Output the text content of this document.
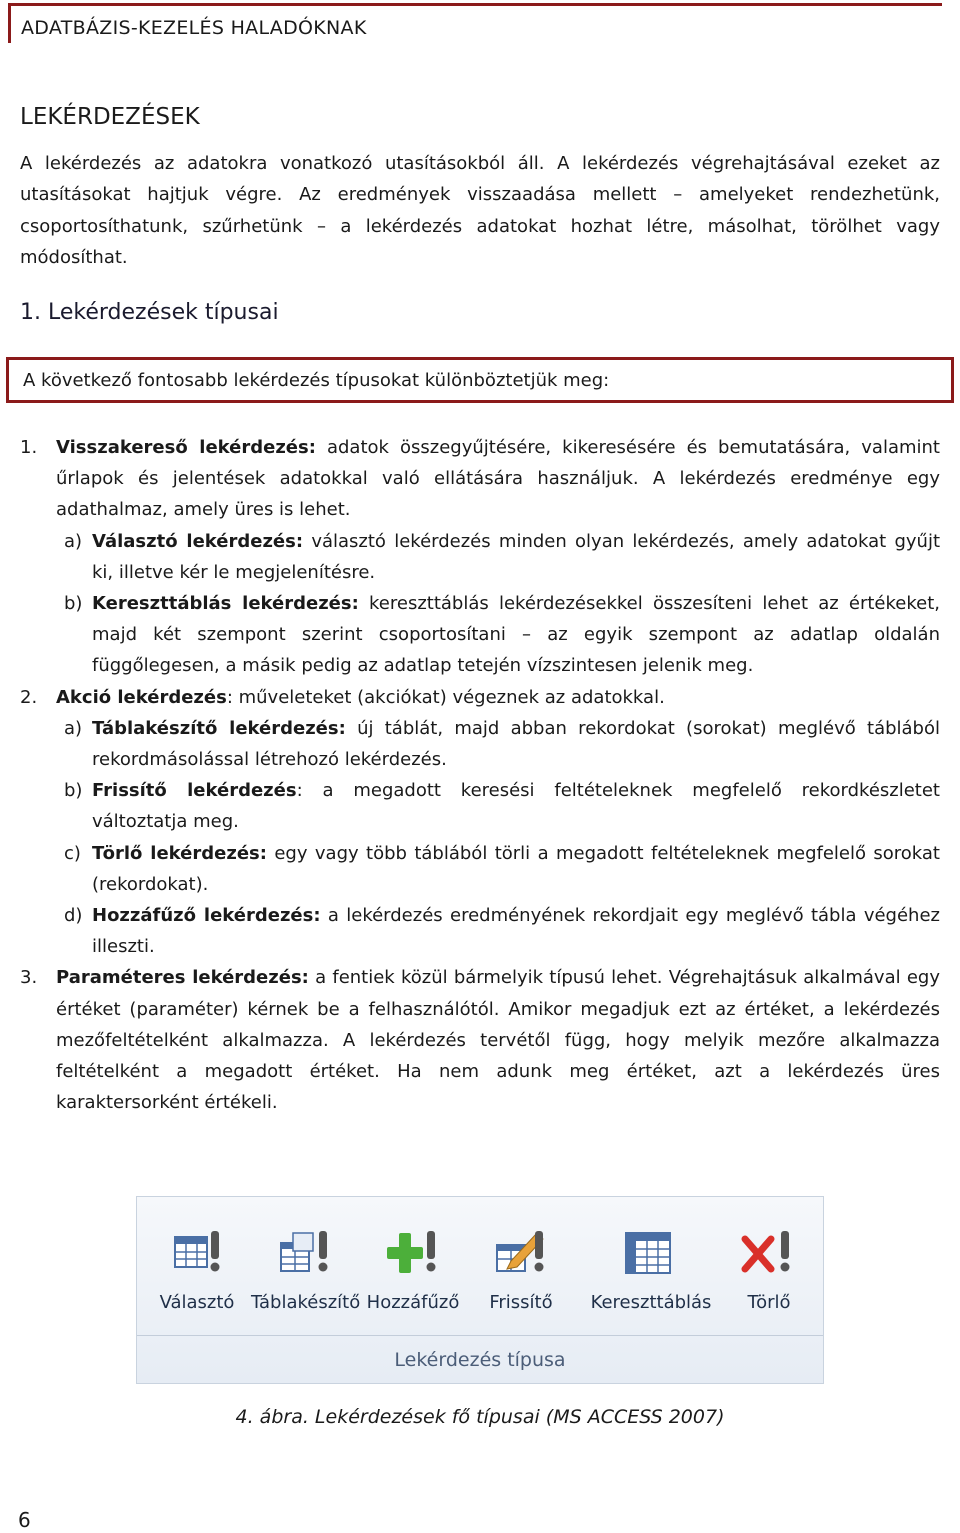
ADATBÁZIS-KEZELÉS HALADÓKNAK
LEKÉRDEZÉSEK

A lekérdezés az adatokra vonatkozó utasításokból áll. A lekérdezés végrehajtásával ezeket az utasításokat hajtjuk végre. Az eredmények visszaadása mellett – amelyeket rendezhetünk, csoportosíthatunk, szűrhetünk – a lekérdezés adatokat hozhat létre, másolhat, törölhet vagy módosíthat.

1. Lekérdezések típusai
A következő fontosabb lekérdezés típusokat különböztetjük meg:
1. Visszakereső lekérdezés: adatok összegyűjtésére, kikeresésére és bemutatására, valamint űrlapok és jelentések adatokkal való ellátására használjuk. A lekérdezés eredménye egy adathalmaz, amely üres is lehet.
a) Választó lekérdezés: választó lekérdezés minden olyan lekérdezés, amely adatokat gyűjt ki, illetve kér le megjelenítésre.
b) Kereszttáblás lekérdezés: kereszttáblás lekérdezésekkel összesíteni lehet az értékeket, majd két szempont szerint csoportosítani – az egyik szempont az adatlap oldalán függőlegesen, a másik pedig az adatlap tetején vízszintesen jelenik meg.
2. Akció lekérdezés: műveleteket (akciókat) végeznek az adatokkal.
a) Táblakészítő lekérdezés: új táblát, majd abban rekordokat (sorokat) meglévő táblából rekordmásolással létrehozó lekérdezés.
b) Frissítő lekérdezés: a megadott keresési feltételeknek megfelelő rekordkészletet változtatja meg.
c) Törlő lekérdezés: egy vagy több táblából törli a megadott feltételeknek megfelelő sorokat (rekordokat).
d) Hozzáfűző lekérdezés: a lekérdezés eredményének rekordjait egy meglévő tábla végéhez illeszti.
3. Paraméteres lekérdezés: a fentiek közül bármelyik típusú lehet. Végrehajtásuk alkalmával egy értéket (paraméter) kérnek be a felhasználótól. Amikor megadjuk ezt az értéket, a lekérdezés mezőfeltételként alkalmazza. A lekérdezés tervétől függ, hogy melyik mezőre alkalmazza feltételként a megadott értéket. Ha nem adunk meg értéket, azt a lekérdezés üres karaktersorként értékeli.
Választó Táblakészítő Hozzáfűző	Frissítő	Kereszttáblás	Törlő
Lekérdezés típusa
4. ábra. Lekérdezések fő típusai (MS ACCESS 2007)
6
